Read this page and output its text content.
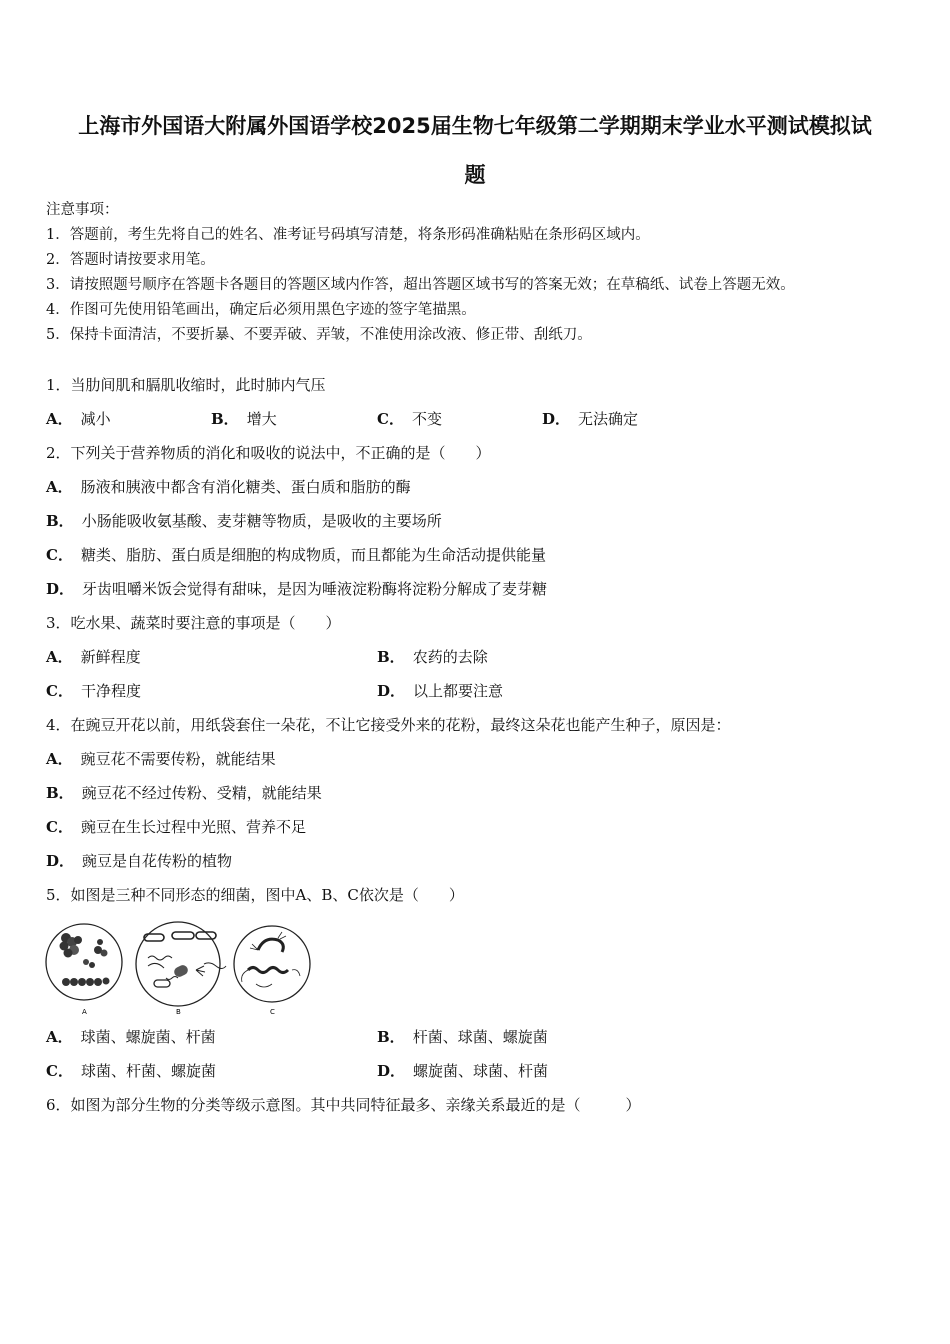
上海市外国语大附属外国语学校2025届生物七年级第二学期期末学业水平测试模拟试
题
注意事项：
1．答题前，考生先将自己的姓名、准考证号码填写清楚，将条形码准确粘贴在条形码区域内。
2．答题时请按要求用笔。
3．请按照题号顺序在答题卡各题目的答题区域内作答，超出答题区域书写的答案无效；在草稿纸、试卷上答题无效。
4．作图可先使用铅笔画出，确定后必须用黑色字迹的签字笔描黑。
5．保持卡面清洁，不要折暴、不要弄破、弄皱，不准使用涂改液、修正带、刮纸刀。
1．当肋间肌和膈肌收缩时，此时肺内气压
A． 减小	B． 增大	C． 不变	D． 无法确定
2．下列关于营养物质的消化和吸收的说法中，不正确的是（　　）
A． 肠液和胰液中都含有消化糖类、蛋白质和脂肪的酶
B． 小肠能吸收氨基酸、麦芽糖等物质，是吸收的主要场所
C． 糖类、脂肪、蛋白质是细胞的构成物质，而且都能为生命活动提供能量
D． 牙齿咀嚼米饭会觉得有甜味，是因为唾液淀粉酶将淀粉分解成了麦芽糖
3．吃水果、蔬菜时要注意的事项是（　　）
A． 新鲜程度	B． 农药的去除
C． 干净程度	D． 以上都要注意
4．在豌豆开花以前，用纸袋套住一朵花，不让它接受外来的花粉，最终这朵花也能产生种子，原因是：
A． 豌豆花不需要传粉，就能结果
B． 豌豆花不经过传粉、受精，就能结果
C． 豌豆在生长过程中光照、营养不足
D． 豌豆是自花传粉的植物
5．如图是三种不同形态的细菌，图中A、B、C依次是（　　）
A	B	C
A． 球菌、螺旋菌、杆菌	B． 杆菌、球菌、螺旋菌
C． 球菌、杆菌、螺旋菌	D． 螺旋菌、球菌、杆菌
6．如图为部分生物的分类等级示意图。其中共同特征最多、亲缘关系最近的是（　　　）
